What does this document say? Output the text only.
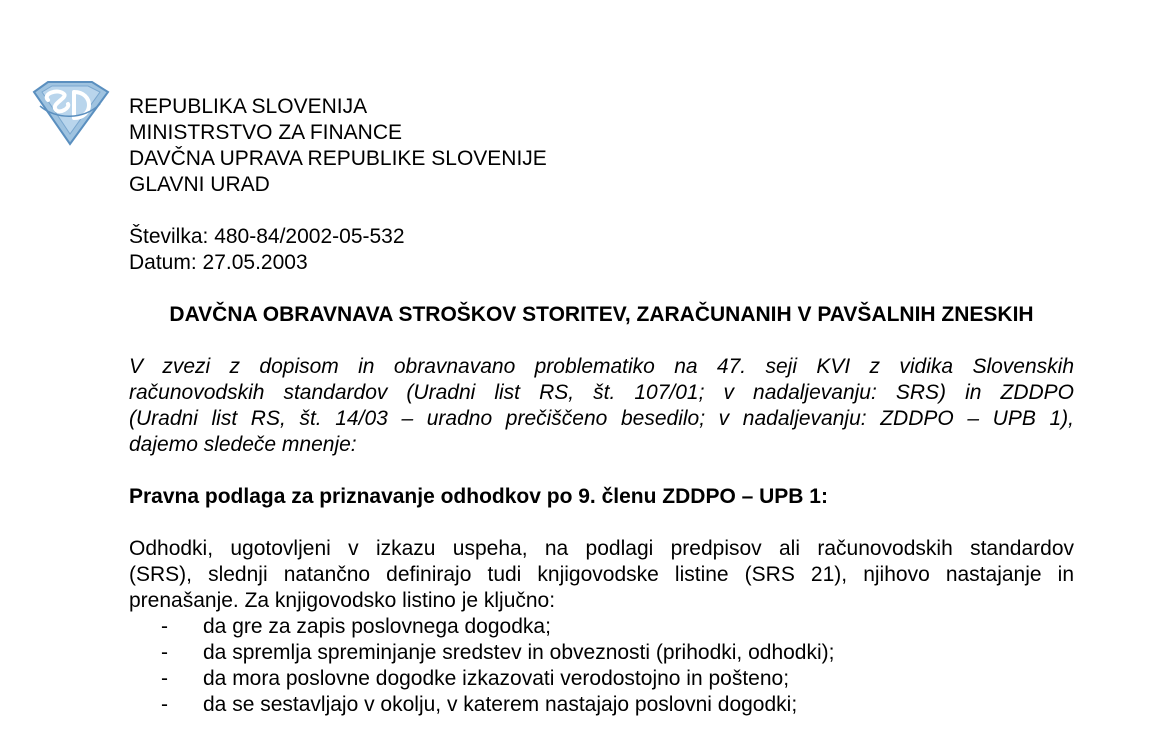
REPUBLIKA SLOVENIJA
MINISTRSTVO ZA FINANCE
DAVČNA UPRAVA REPUBLIKE SLOVENIJE
GLAVNI URAD
Številka: 480-84/2002-05-532
Datum: 27.05.2003
DAVČNA OBRAVNAVA STROŠKOV STORITEV, ZARAČUNANIH V PAVŠALNIH ZNESKIH
V zvezi z dopisom in obravnavano problematiko na 47. seji KVI z vidika Slovenskih
računovodskih standardov (Uradni list RS, št. 107/01; v nadaljevanju: SRS) in ZDDPO
(Uradni list RS, št. 14/03 – uradno prečiščeno besedilo; v nadaljevanju: ZDDPO – UPB 1),
dajemo sledeče mnenje:
Pravna podlaga za priznavanje odhodkov po 9. členu ZDDPO – UPB 1:
Odhodki, ugotovljeni v izkazu uspeha, na podlagi predpisov ali računovodskih standardov
(SRS), slednji natančno definirajo tudi knjigovodske listine (SRS 21), njihovo nastajanje in
prenašanje. Za knjigovodsko listino je ključno:
-	da gre za zapis poslovnega dogodka;
-	da spremlja spreminjanje sredstev in obveznosti (prihodki, odhodki);
-	da mora poslovne dogodke izkazovati verodostojno in pošteno;
-	da se sestavljajo v okolju, v katerem nastajajo poslovni dogodki;
